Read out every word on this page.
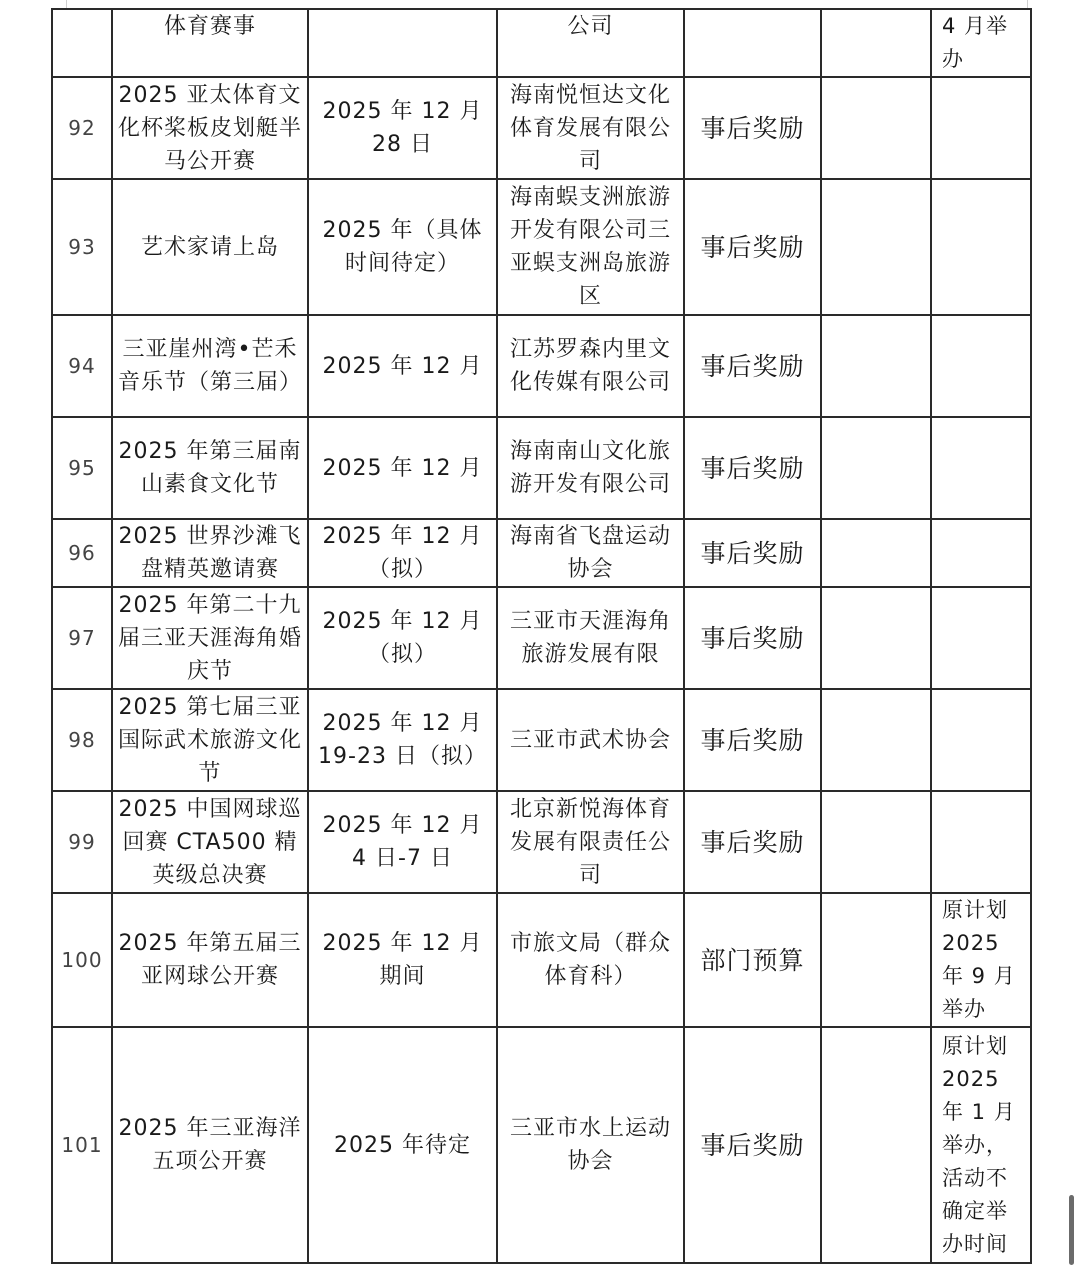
	体育赛事		公司			4 月举办
92	2025 亚太体育文化杯桨板皮划艇半马公开赛	2025 年 12 月 28 日	海南悦恒达文化体育发展有限公司	事后奖励		
93	艺术家请上岛	2025 年（具体时间待定）	海南蜈支洲旅游开发有限公司三亚蜈支洲岛旅游区	事后奖励		
94	三亚崖州湾•芒禾音乐节（第三届）	2025 年 12 月	江苏罗森内里文化传媒有限公司	事后奖励		
95	2025 年第三届南山素食文化节	2025 年 12 月	海南南山文化旅游开发有限公司	事后奖励		
96	2025 世界沙滩飞盘精英邀请赛	2025 年 12 月（拟）	海南省飞盘运动协会	事后奖励		
97	2025 年第二十九届三亚天涯海角婚庆节	2025 年 12 月（拟）	三亚市天涯海角旅游发展有限	事后奖励		
98	2025 第七届三亚国际武术旅游文化节	2025 年 12 月 19-23 日（拟）	三亚市武术协会	事后奖励		
99	2025 中国网球巡回赛 CTA500 精英级总决赛	2025 年 12 月 4 日-7 日	北京新悦海体育发展有限责任公司	事后奖励		
100	2025 年第五届三亚网球公开赛	2025 年 12 月期间	市旅文局（群众体育科）	部门预算		原计划 2025 年 9 月举办
101	2025 年三亚海洋五项公开赛	2025 年待定	三亚市水上运动协会	事后奖励		原计划 2025 年 1 月举办，活动不确定举办时间
